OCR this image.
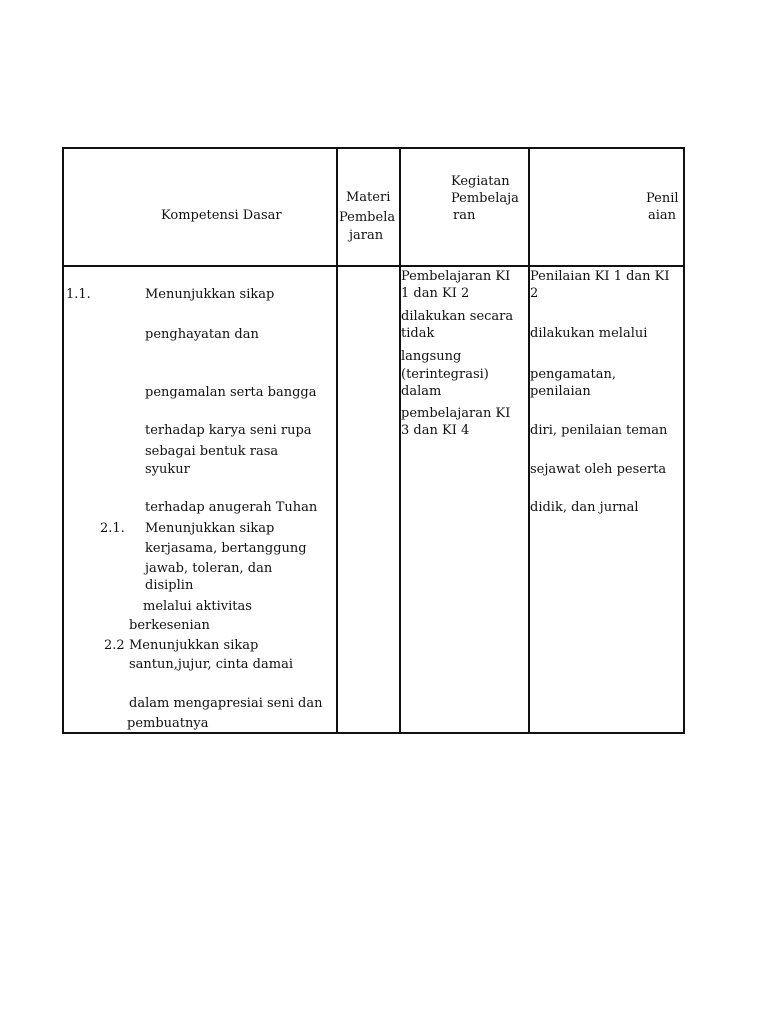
Kompetensi Dasar
Materi
Pembela
jaran
Kegiatan
Pembelaja
ran
Penil
aian
1.1.	Menunjukkan sikap
penghayatan dan
pengamalan serta bangga
terhadap karya seni rupa
sebagai bentuk rasa
syukur
terhadap anugerah Tuhan
2.1. Menunjukkan sikap
kerjasama, bertanggung
jawab, toleran, dan
disiplin
melalui aktivitas
berkesenian
2.2 Menunjukkan sikap
santun,jujur, cinta damai
dalam mengapresiai seni dan
pembuatnya
Pembelajaran KI
1 dan KI 2
dilakukan secara
tidak
langsung
(terintegrasi)
dalam
pembelajaran KI
3 dan KI 4
Penilaian KI 1 dan KI
2
dilakukan melalui
pengamatan,
penilaian
diri, penilaian teman
sejawat oleh peserta
didik, dan jurnal
